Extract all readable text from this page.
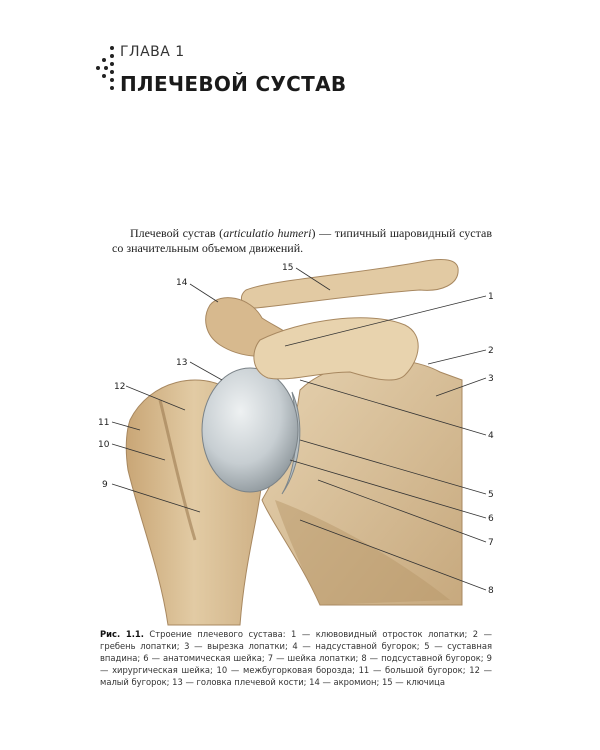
ГЛАВА 1
ПЛЕЧЕВОЙ СУСТАВ

Плечевой сустав (articulatio humeri) — типичный шаровидный сустав со значительным объемом движений.

1
2
3
4
5
6
7
8
9
10
11
12
13
14
15
Рис. 1.1. Строение плечевого сустава: 1 — клювовидный отросток лопатки; 2 — гребень лопатки; 3 — вырезка лопатки; 4 — надсуставной бугорок; 5 — суставная впадина; 6 — анатомическая шейка; 7 — шейка лопатки; 8 — подсуставной бугорок; 9 — хирургическая шейка; 10 — межбугорковая борозда; 11 — большой бугорок; 12 — малый бугорок; 13 — головка плечевой кости; 14 — акромион; 15 — ключица
